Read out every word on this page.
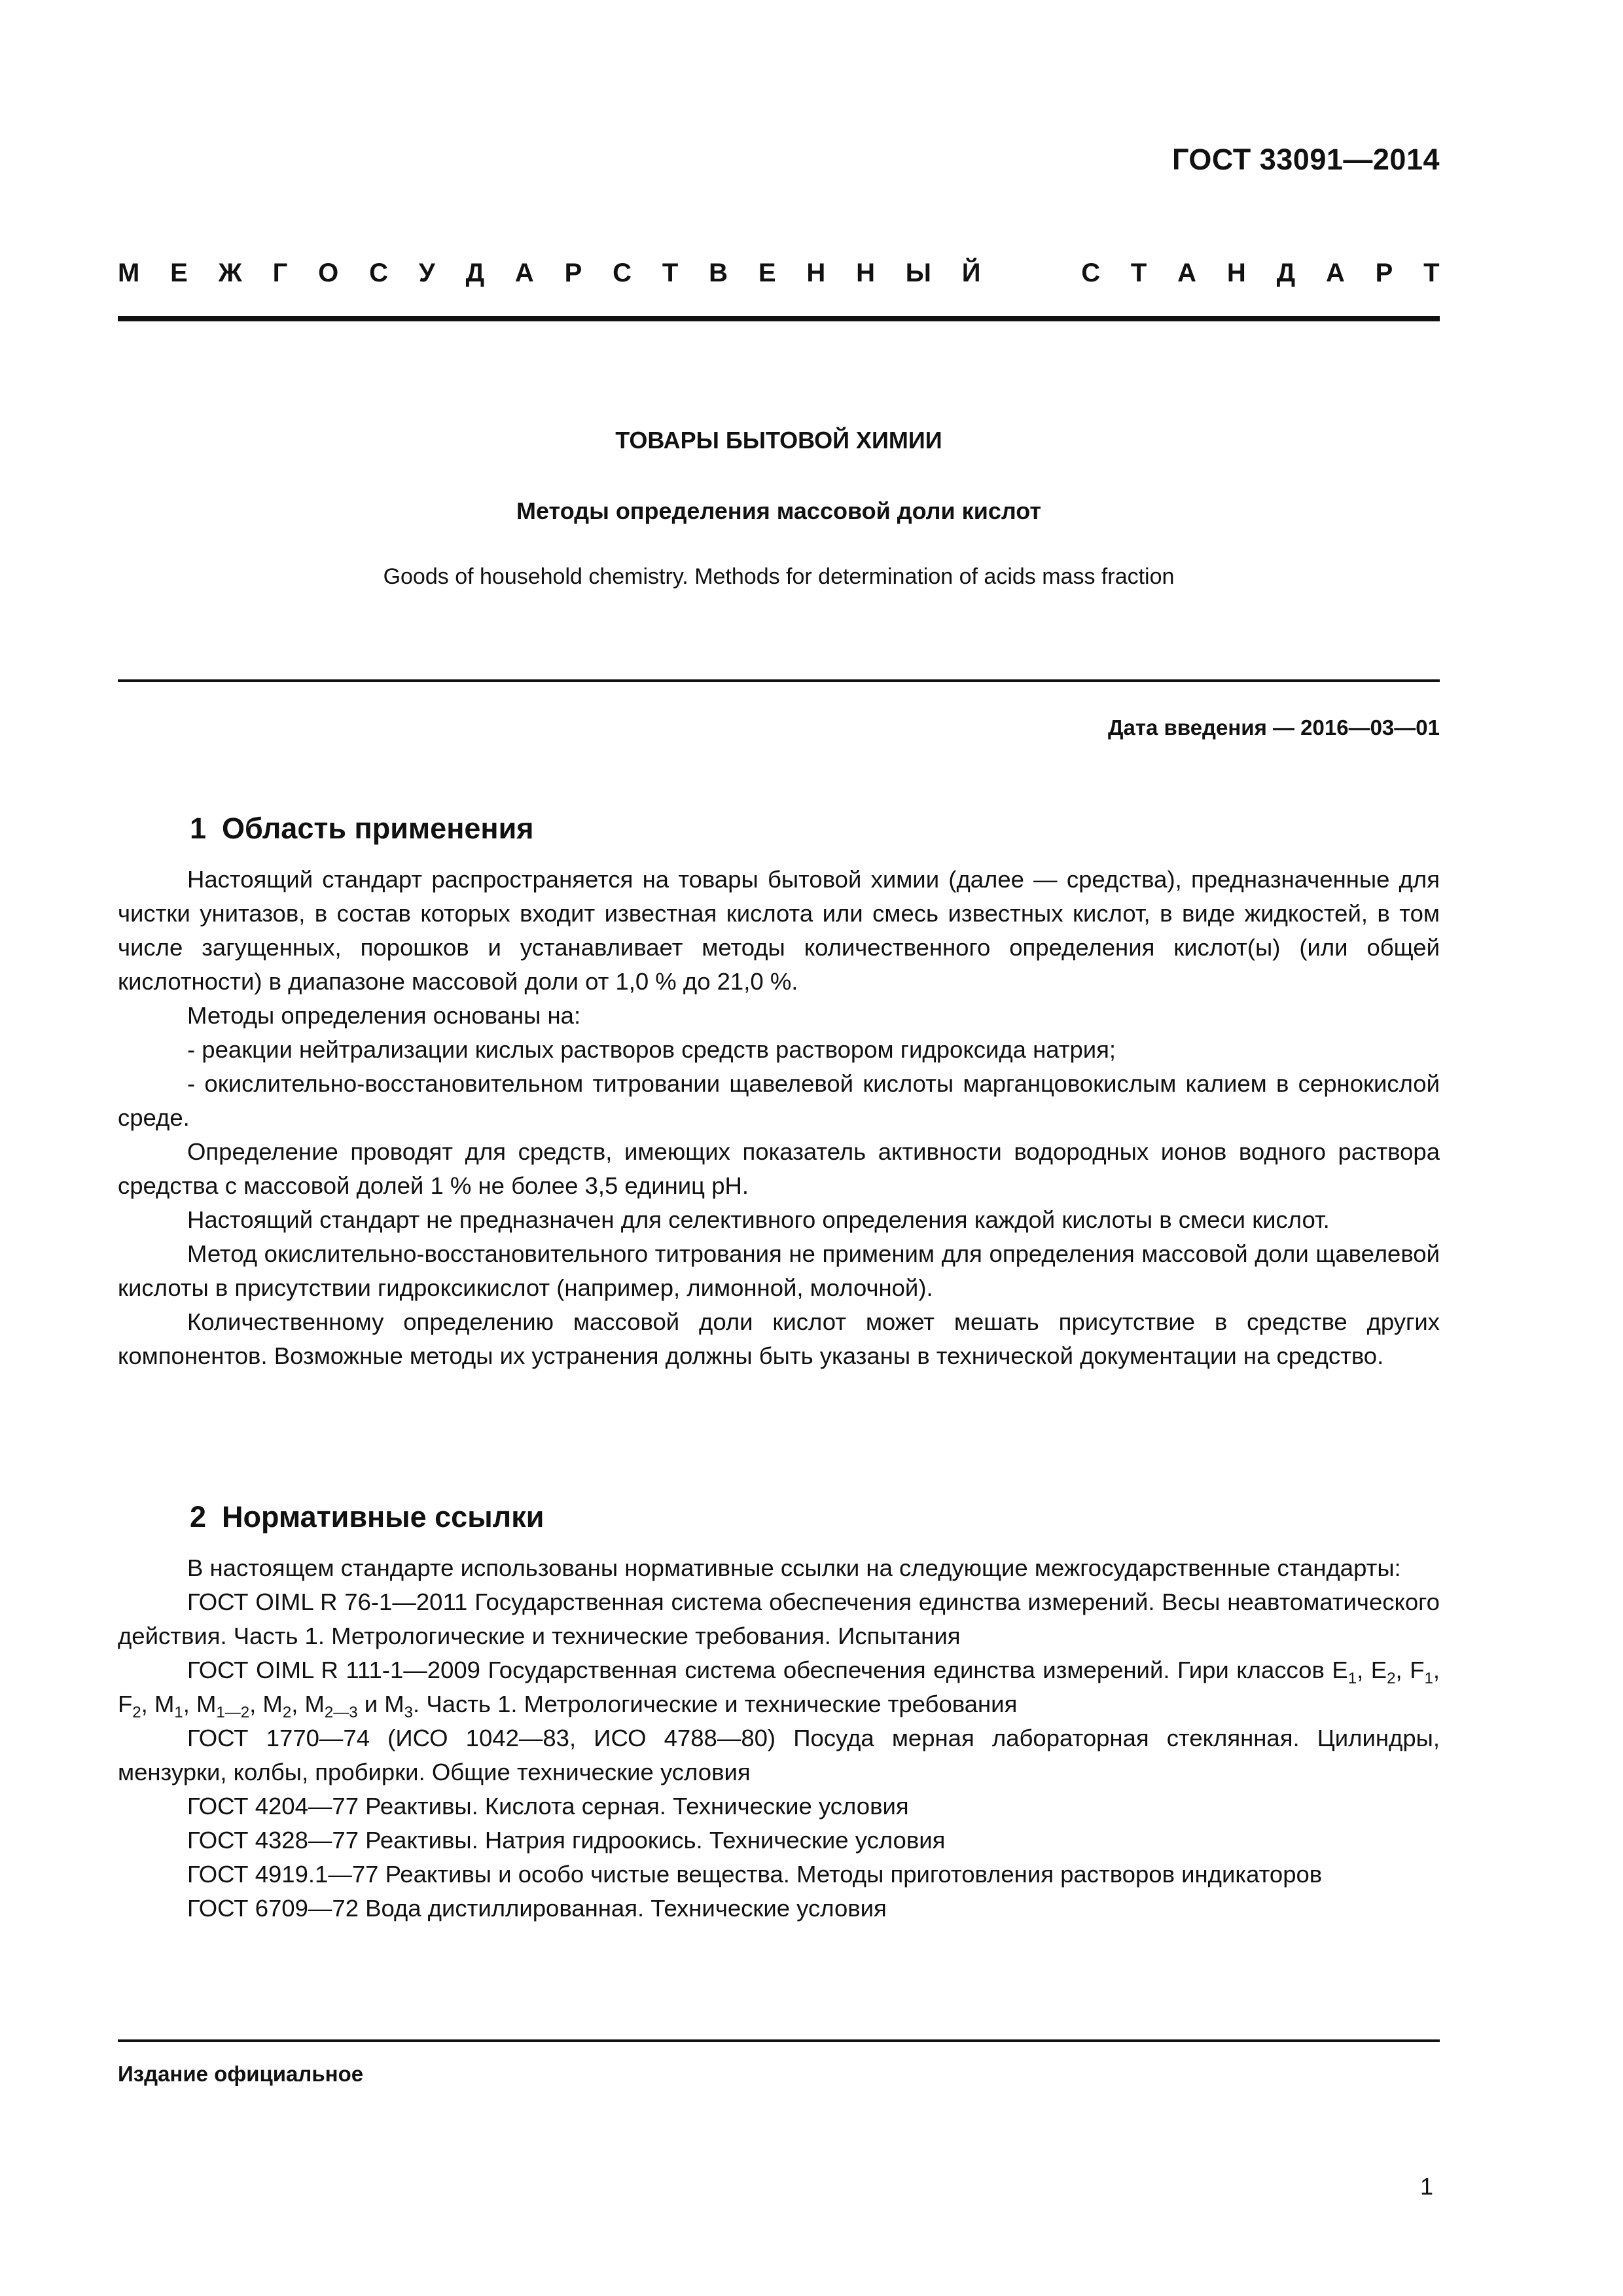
ГОСТ 33091—2014
М Е Ж Г О С У Д А Р С Т В Е Н Н Ы Й	С Т А Н Д А Р Т
ТОВАРЫ БЫТОВОЙ ХИМИИ
Методы определения массовой доли кислот
Goods of household chemistry. Methods for determination of acids mass fraction
Дата введения — 2016—03—01
1 Область применения

Настоящий стандарт распространяется на товары бытовой химии (далее — средства), предназначенные для чистки унитазов, в состав которых входит известная кислота или смесь известных кислот, в виде жидкостей, в том числе загущенных, порошков и устанавливает методы количественного определения кислот(ы) (или общей кислотности) в диапазоне массовой доли от 1,0 % до 21,0 %.

Методы определения основаны на:

- реакции нейтрализации кислых растворов средств раствором гидроксида натрия;

- окислительно-восстановительном титровании щавелевой кислоты марганцовокислым калием в сернокислой среде.

Определение проводят для средств, имеющих показатель активности водородных ионов водного раствора средства с массовой долей 1 % не более 3,5 единиц рН.

Настоящий стандарт не предназначен для селективного определения каждой кислоты в смеси кислот.

Метод окислительно-восстановительного титрования не применим для определения массовой доли щавелевой кислоты в присутствии гидроксикислот (например, лимонной, молочной).

Количественному определению массовой доли кислот может мешать присутствие в средстве других компонентов. Возможные методы их устранения должны быть указаны в технической документации на средство.

2 Нормативные ссылки

В настоящем стандарте использованы нормативные ссылки на следующие межгосударственные стандарты:

ГОСТ OIML R 76-1—2011 Государственная система обеспечения единства измерений. Весы неавтоматического действия. Часть 1. Метрологические и технические требования. Испытания

ГОСТ OIML R 111-1—2009 Государственная система обеспечения единства измерений. Гири классов $E_1$, $E_2$, $F_1$, $F_2$, $M_1$, $M_{1—2}$, $M_2$, $M_{2—3}$ и $M_3$. Часть 1. Метрологические и технические требования

ГОСТ 1770—74 (ИСО 1042—83, ИСО 4788—80) Посуда мерная лабораторная стеклянная. Цилиндры, мензурки, колбы, пробирки. Общие технические условия

ГОСТ 4204—77 Реактивы. Кислота серная. Технические условия

ГОСТ 4328—77 Реактивы. Натрия гидроокись. Технические условия

ГОСТ 4919.1—77 Реактивы и особо чистые вещества. Методы приготовления растворов индикаторов

ГОСТ 6709—72 Вода дистиллированная. Технические условия

Издание официальное
1
